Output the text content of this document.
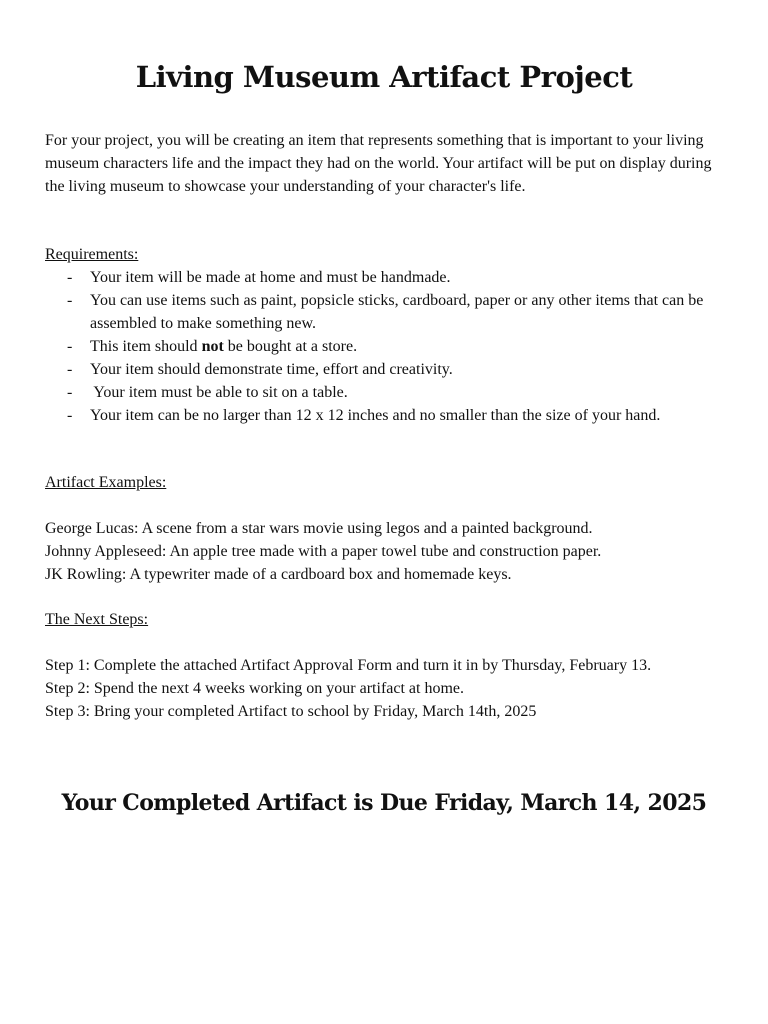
Living Museum Artifact Project

For your project, you will be creating an item that represents something that is important to your living museum characters life and the impact they had on the world. Your artifact will be put on display during the living museum to showcase your understanding of your character's life.

Requirements:

- Your item will be made at home and must be handmade.
- You can use items such as paint, popsicle sticks, cardboard, paper or any other items that can be assembled to make something new.
- This item should not be bought at a store.
- Your item should demonstrate time, effort and creativity.
- Your item must be able to sit on a table.
- Your item can be no larger than 12 x 12 inches and no smaller than the size of your hand.

Artifact Examples:

George Lucas: A scene from a star wars movie using legos and a painted background.
Johnny Appleseed: An apple tree made with a paper towel tube and construction paper.
JK Rowling: A typewriter made of a cardboard box and homemade keys.

The Next Steps:

Step 1: Complete the attached Artifact Approval Form and turn it in by Thursday, February 13.
Step 2: Spend the next 4 weeks working on your artifact at home.
Step 3: Bring your completed Artifact to school by Friday, March 14th, 2025
Your Completed Artifact is Due Friday, March 14, 2025
